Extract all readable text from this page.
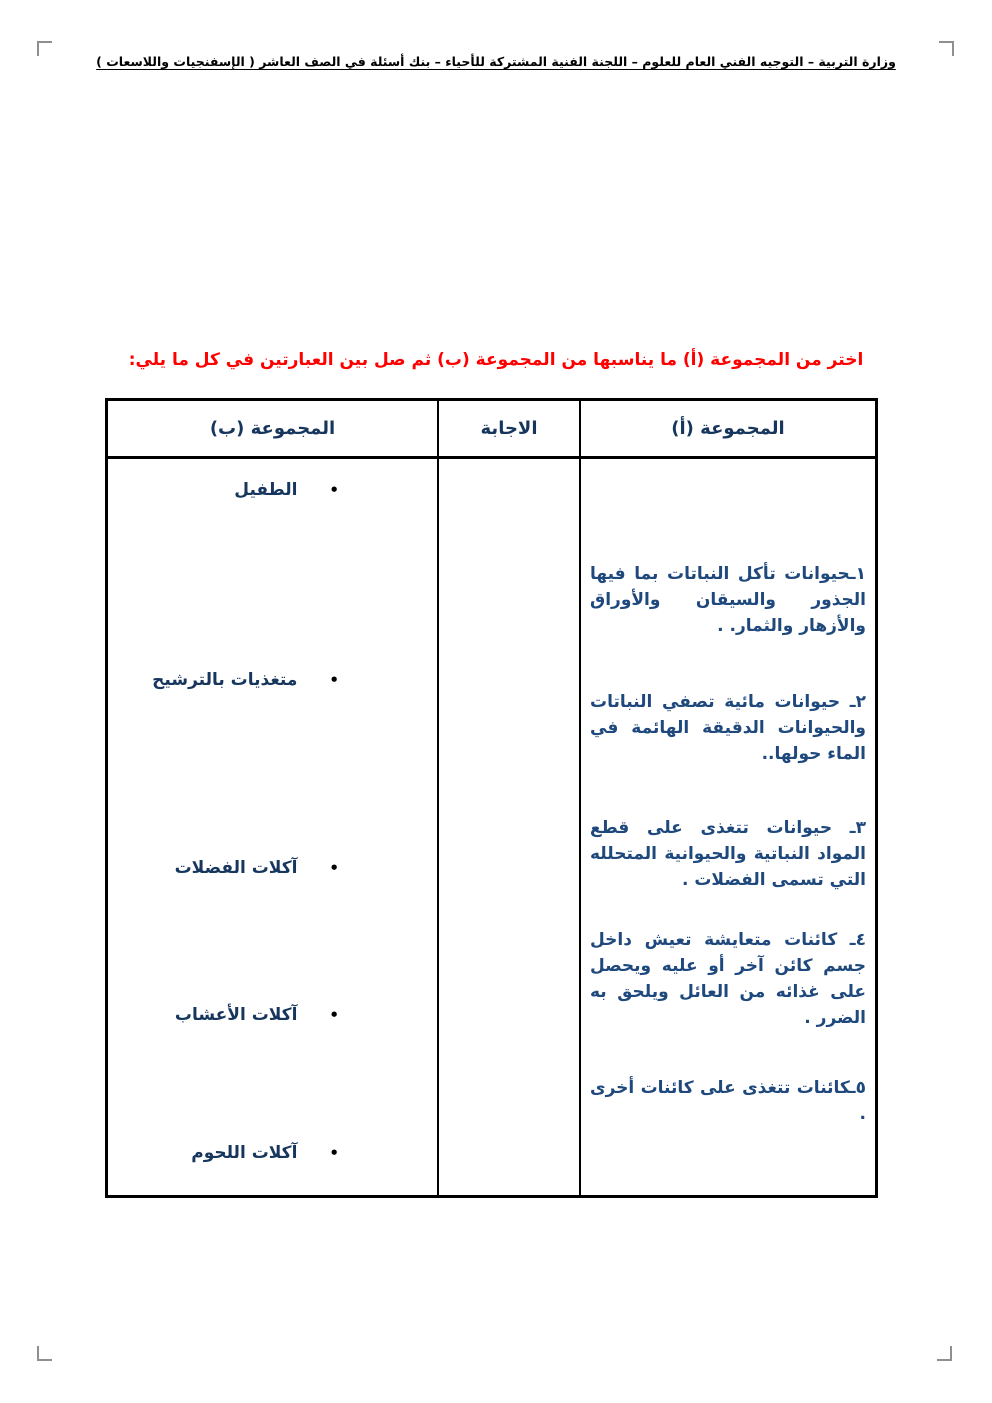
وزارة التربية – التوجيه الفني العام للعلوم – اللجنة الفنية المشتركة للأحياء – بنك أسئلة في الصف العاشر ( الإسفنجيات واللاسعات )
اختر من المجموعة (أ) ما يناسبها من المجموعة (ب) ثم صل بين العبارتين في كل ما يلي:
المجموعة (أ)
الاجابة
المجموعة (ب)

١ـحيوانات تأكل النباتات بما فيها الجذور والسيقان والأوراق والأزهار والثمار. .

٢ـ حيوانات مائية تصفي النباتات والحيوانات الدقيقة الهائمة في الماء حولها..

٣ـ حيوانات تتغذى على قطع المواد النباتية والحيوانية المتحلله التي تسمى الفضلات .

٤ـ كائنات متعايشة تعيش داخل جسم كائن آخر أو عليه ويحصل على غذائه من العائل ويلحق به الضرر .

٥ـكائنات تتغذى على كائنات أخرى .

•
الطفيل
•
متغذيات بالترشيح
•
آكلات الفضلات
•
آكلات الأعشاب
•
آكلات اللحوم
